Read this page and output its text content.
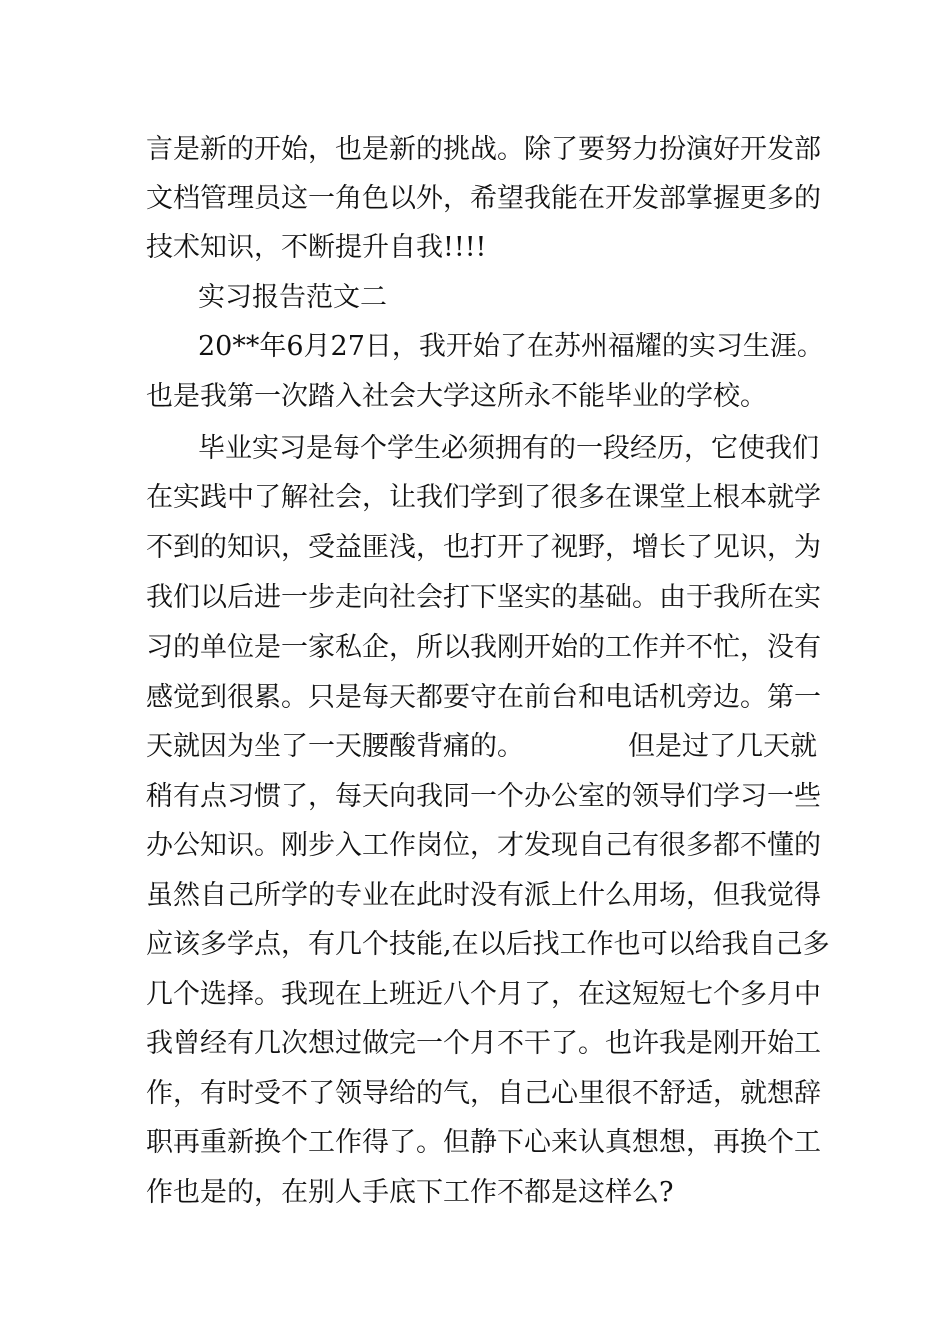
言是新的开始，也是新的挑战。除了要努力扮演好开发部
文档管理员这一角色以外，希望我能在开发部掌握更多的
技术知识，不断提升自我!!!!
实习报告范文二
20**年6月27日，我开始了在苏州福耀的实习生涯。
也是我第一次踏入社会大学这所永不能毕业的学校。
毕业实习是每个学生必须拥有的一段经历，它使我们
在实践中了解社会，让我们学到了很多在课堂上根本就学
不到的知识，受益匪浅，也打开了视野，增长了见识，为
我们以后进一步走向社会打下坚实的基础。由于我所在实
习的单位是一家私企，所以我刚开始的工作并不忙，没有
感觉到很累。只是每天都要守在前台和电话机旁边。第一
天就因为坐了一天腰酸背痛的。	但是过了几天就
稍有点习惯了，每天向我同一个办公室的领导们学习一些
办公知识。刚步入工作岗位，才发现自己有很多都不懂的
虽然自己所学的专业在此时没有派上什么用场，但我觉得
应该多学点，有几个技能,在以后找工作也可以给我自己多
几个选择。我现在上班近八个月了，在这短短七个多月中
我曾经有几次想过做完一个月不干了。也许我是刚开始工
作，有时受不了领导给的气，自己心里很不舒适，就想辞
职再重新换个工作得了。但静下心来认真想想，再换个工
作也是的，在别人手底下工作不都是这样么?
